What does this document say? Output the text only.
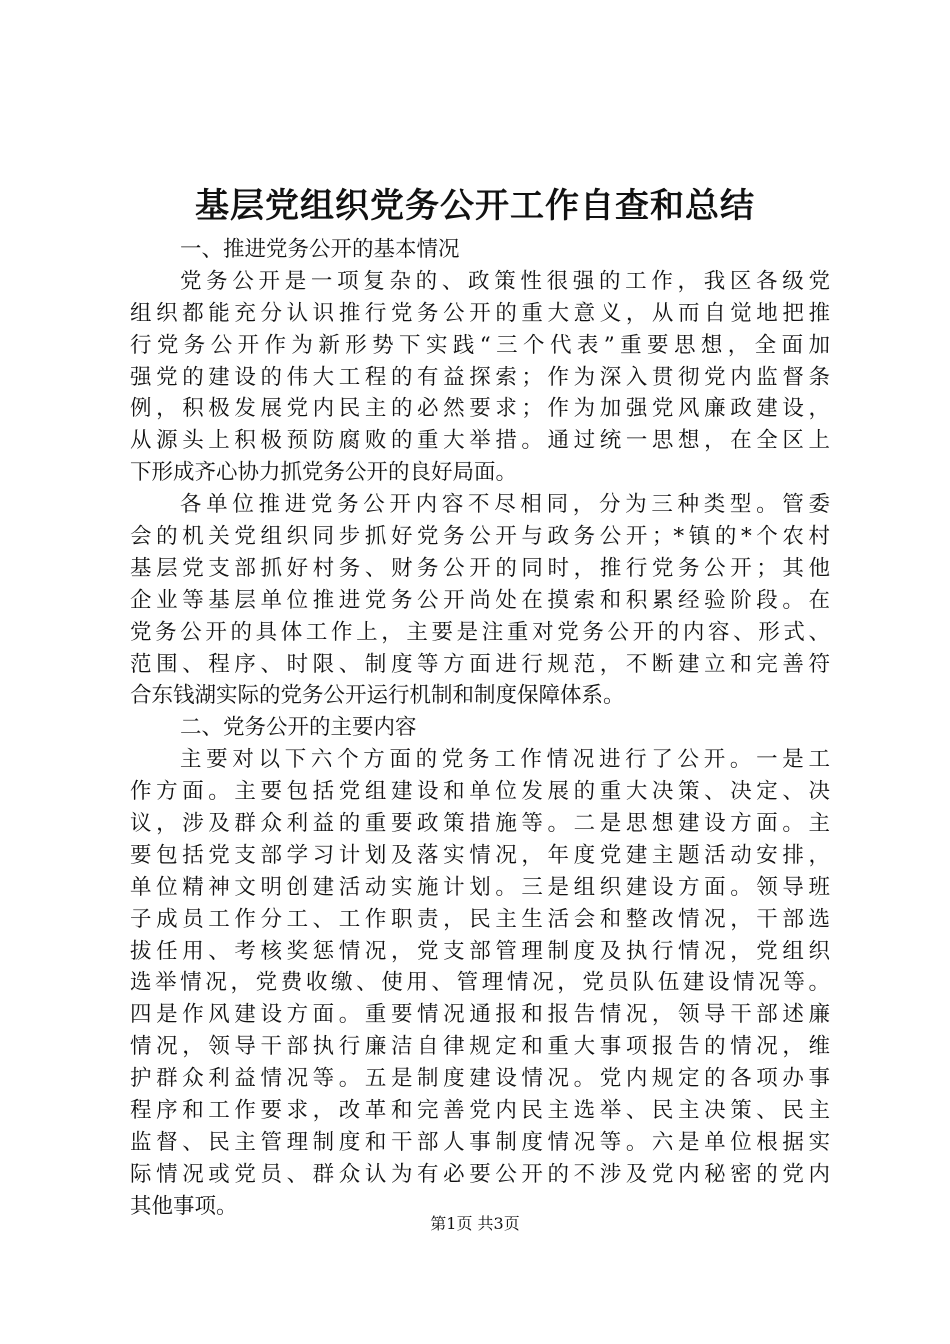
基层党组织党务公开工作自查和总结
一、推进党务公开的基本情况
党务公开是一项复杂的、政策性很强的工作，我区各级党
组织都能充分认识推行党务公开的重大意义，从而自觉地把推
行党务公开作为新形势下实践“三个代表”重要思想，全面加
强党的建设的伟大工程的有益探索；作为深入贯彻党内监督条
例，积极发展党内民主的必然要求；作为加强党风廉政建设，
从源头上积极预防腐败的重大举措。通过统一思想，在全区上
下形成齐心协力抓党务公开的良好局面。
各单位推进党务公开内容不尽相同，分为三种类型。管委
会的机关党组织同步抓好党务公开与政务公开；*镇的*个农村
基层党支部抓好村务、财务公开的同时，推行党务公开；其他
企业等基层单位推进党务公开尚处在摸索和积累经验阶段。在
党务公开的具体工作上，主要是注重对党务公开的内容、形式、
范围、程序、时限、制度等方面进行规范，不断建立和完善符
合东钱湖实际的党务公开运行机制和制度保障体系。
二、党务公开的主要内容
主要对以下六个方面的党务工作情况进行了公开。一是工
作方面。主要包括党组建设和单位发展的重大决策、决定、决
议，涉及群众利益的重要政策措施等。二是思想建设方面。主
要包括党支部学习计划及落实情况，年度党建主题活动安排，
单位精神文明创建活动实施计划。三是组织建设方面。领导班
子成员工作分工、工作职责，民主生活会和整改情况，干部选
拔任用、考核奖惩情况，党支部管理制度及执行情况，党组织
选举情况，党费收缴、使用、管理情况，党员队伍建设情况等。
四是作风建设方面。重要情况通报和报告情况，领导干部述廉
情况，领导干部执行廉洁自律规定和重大事项报告的情况，维
护群众利益情况等。五是制度建设情况。党内规定的各项办事
程序和工作要求，改革和完善党内民主选举、民主决策、民主
监督、民主管理制度和干部人事制度情况等。六是单位根据实
际情况或党员、群众认为有必要公开的不涉及党内秘密的党内
其他事项。
第1页 共3页
